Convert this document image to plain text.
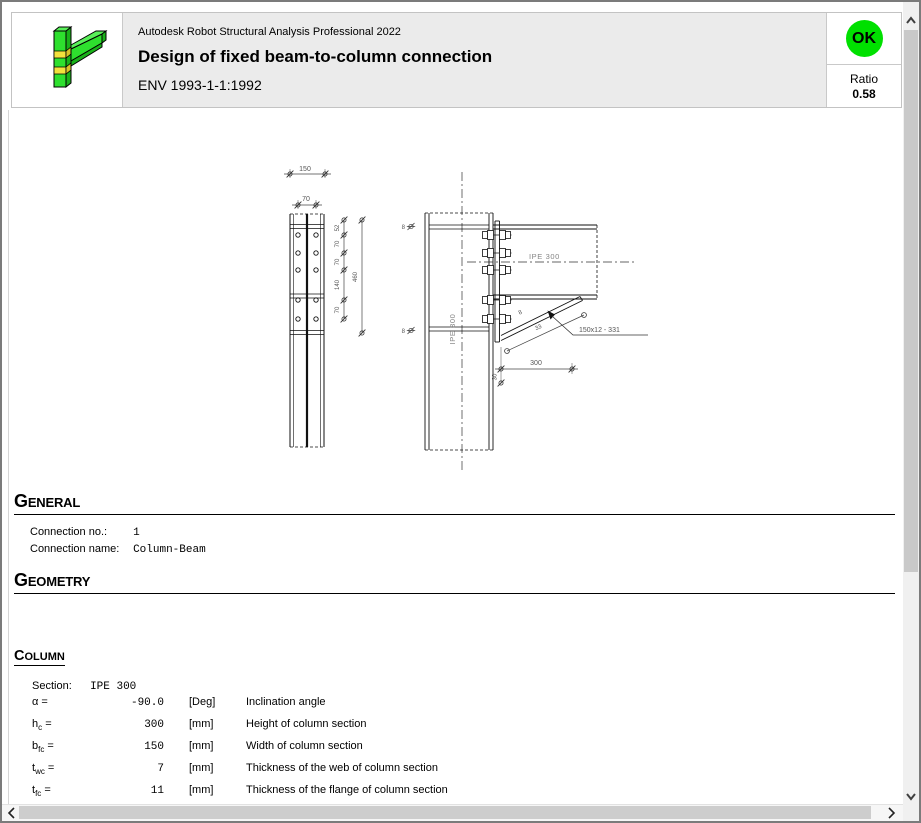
Autodesk Robot Structural Analysis Professional 2022
Design of fixed beam-to-column connection
ENV 1993-1-1:1992
OK
Ratio
0.58
150
70
52
70
70
140
70
460
IPE 300
8
8
IPE 300
8
33	150x12 - 331
300
30
GENERAL
Connection no.: 1
Connection name: Column-Beam
GEOMETRY
COLUMN
Section: IPE 300
α =	-90.0 [Deg]	Inclination angle
$h_c$ =	300 [mm]	Height of column section
$b_{fc}$ =	150 [mm]	Width of column section
$t_{wc}$ =	7 [mm]	Thickness of the web of column section
$t_{fc}$ =	11 [mm]	Thickness of the flange of column section
